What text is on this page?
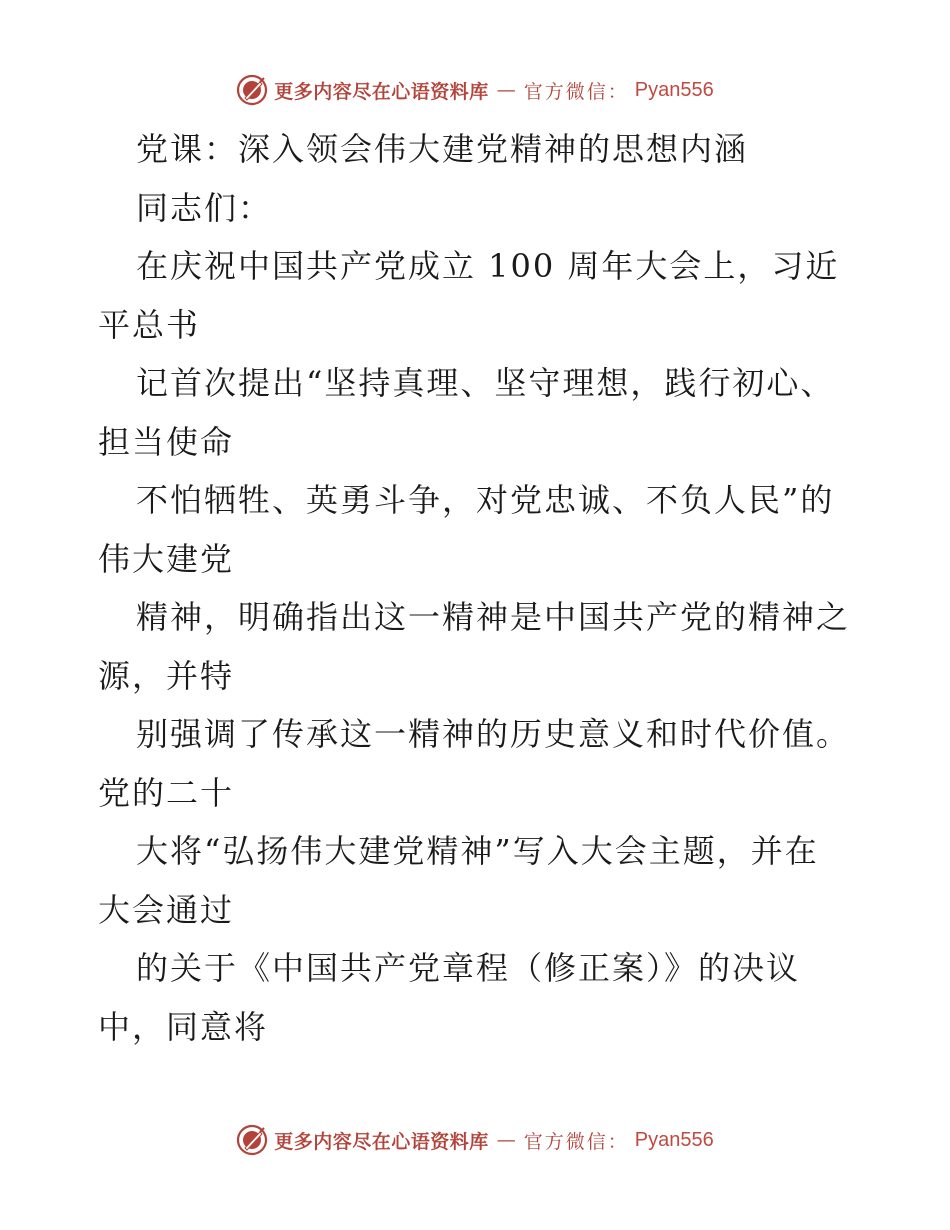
更多内容尽在心语资料库 — 官方微信： Pyan556
党课：深入领会伟大建党精神的思想内涵
同志们：
在庆祝中国共产党成立 100 周年大会上，习近
平总书
记首次提出“坚持真理、坚守理想，践行初心、
担当使命
不怕牺牲、英勇斗争，对党忠诚、不负人民”的
伟大建党
精神，明确指出这一精神是中国共产党的精神之
源，并特
别强调了传承这一精神的历史意义和时代价值。
党的二十
大将“弘扬伟大建党精神”写入大会主题，并在
大会通过
的关于《中国共产党章程（修正案）》的决议
中，同意将
更多内容尽在心语资料库 — 官方微信： Pyan556
